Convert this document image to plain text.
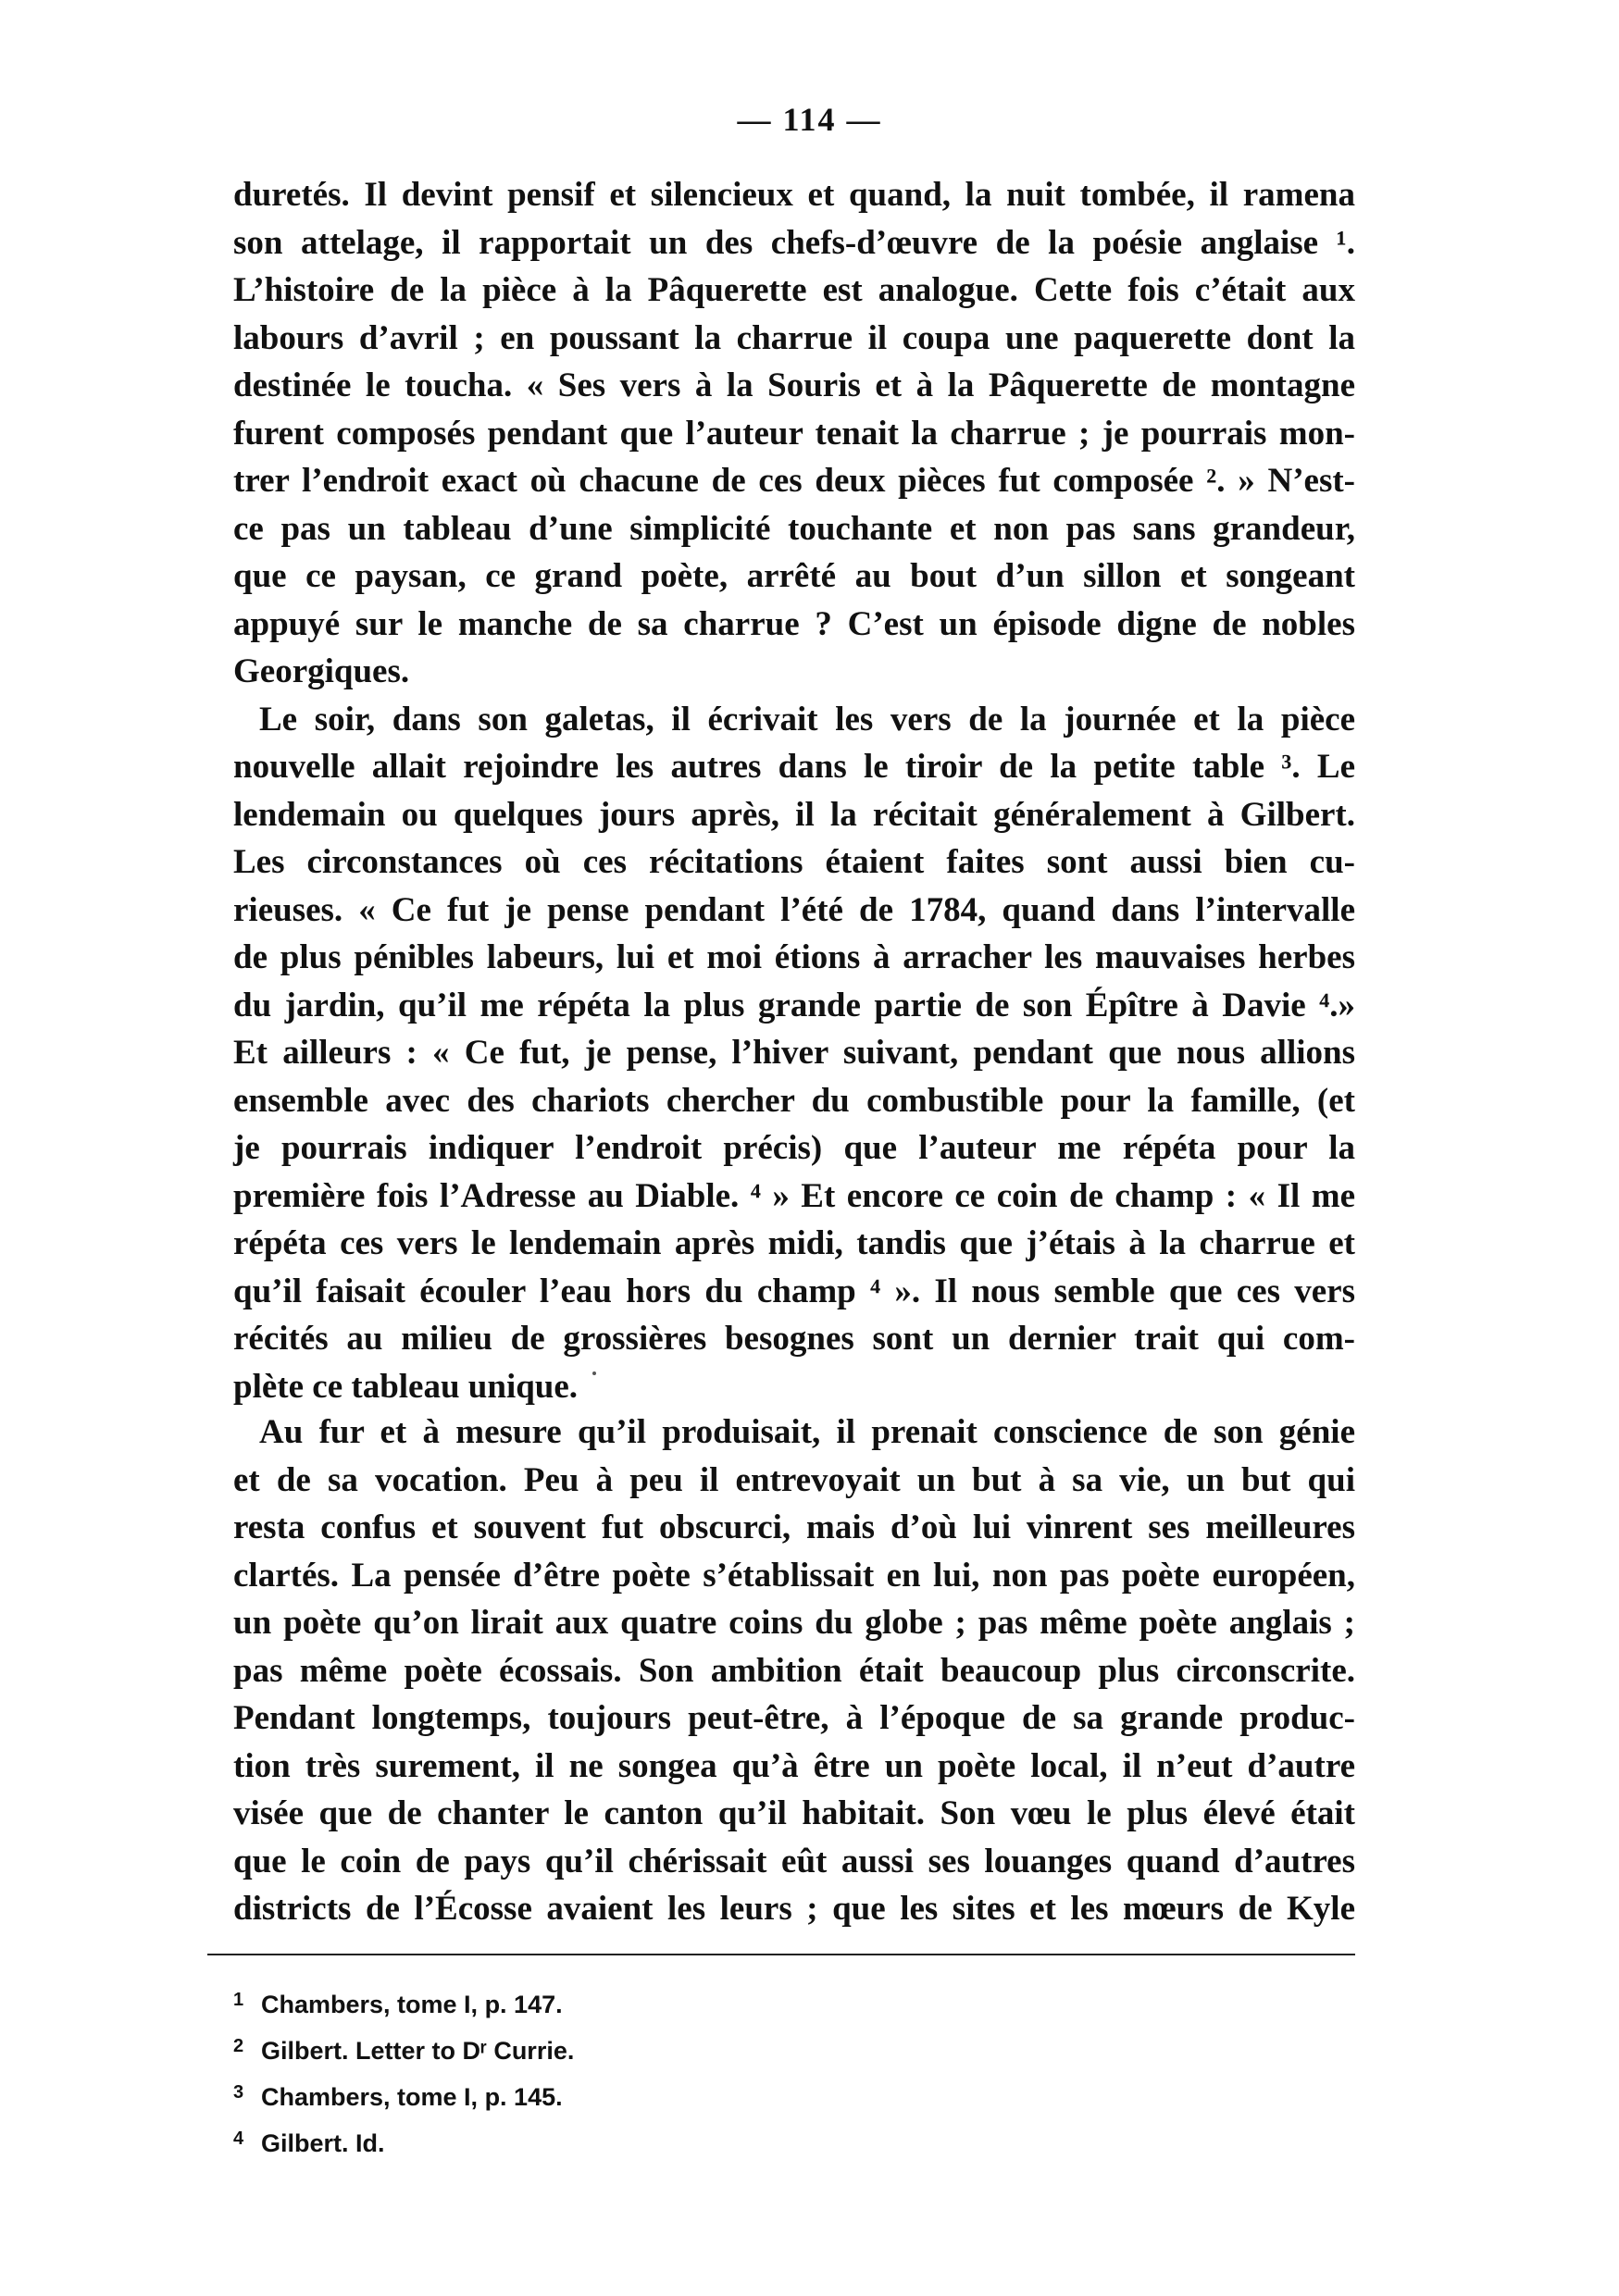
— 114 —

duretés. Il devint pensif et silencieux et quand, la nuit tombée, il ramena
son attelage, il rapportait un des chefs-d’œuvre de la poésie anglaise ¹.
L’histoire de la pièce à la Pâquerette est analogue. Cette fois c’était aux
labours d’avril ; en poussant la charrue il coupa une paquerette dont la
destinée le toucha. « Ses vers à la Souris et à la Pâquerette de montagne
furent composés pendant que l’auteur tenait la charrue ; je pourrais mon-
trer l’endroit exact où chacune de ces deux pièces fut composée ². » N’est-
ce pas un tableau d’une simplicité touchante et non pas sans grandeur,
que ce paysan, ce grand poète, arrêté au bout d’un sillon et songeant
appuyé sur le manche de sa charrue ? C’est un épisode digne de nobles
Georgiques.

Le soir, dans son galetas, il écrivait les vers de la journée et la pièce
nouvelle allait rejoindre les autres dans le tiroir de la petite table ³. Le
lendemain ou quelques jours après, il la récitait généralement à Gilbert.
Les circonstances où ces récitations étaient faites sont aussi bien cu-
rieuses. « Ce fut je pense pendant l’été de 1784, quand dans l’intervalle
de plus pénibles labeurs, lui et moi étions à arracher les mauvaises herbes
du jardin, qu’il me répéta la plus grande partie de son Épître à Davie ⁴.»
Et ailleurs : « Ce fut, je pense, l’hiver suivant, pendant que nous allions
ensemble avec des chariots chercher du combustible pour la famille, (et
je pourrais indiquer l’endroit précis) que l’auteur me répéta pour la
première fois l’Adresse au Diable. ⁴ » Et encore ce coin de champ : « Il me
répéta ces vers le lendemain après midi, tandis que j’étais à la charrue et
qu’il faisait écouler l’eau hors du champ ⁴ ». Il nous semble que ces vers
récités au milieu de grossières besognes sont un dernier trait qui com-
plète ce tableau unique.

Au fur et à mesure qu’il produisait, il prenait conscience de son génie
et de sa vocation. Peu à peu il entrevoyait un but à sa vie, un but qui
resta confus et souvent fut obscurci, mais d’où lui vinrent ses meilleures
clartés. La pensée d’être poète s’établissait en lui, non pas poète européen,
un poète qu’on lirait aux quatre coins du globe ; pas même poète anglais ;
pas même poète écossais. Son ambition était beaucoup plus circonscrite.
Pendant longtemps, toujours peut-être, à l’époque de sa grande produc-
tion très surement, il ne songea qu’à être un poète local, il n’eut d’autre
visée que de chanter le canton qu’il habitait. Son vœu le plus élevé était
que le coin de pays qu’il chérissait eût aussi ses louanges quand d’autres
districts de l’Écosse avaient les leurs ; que les sites et les mœurs de Kyle

1 Chambers, tome I, p. 147.
2 Gilbert. Letter to Dʳ Currie.
3 Chambers, tome I, p. 145.
4 Gilbert. Id.
